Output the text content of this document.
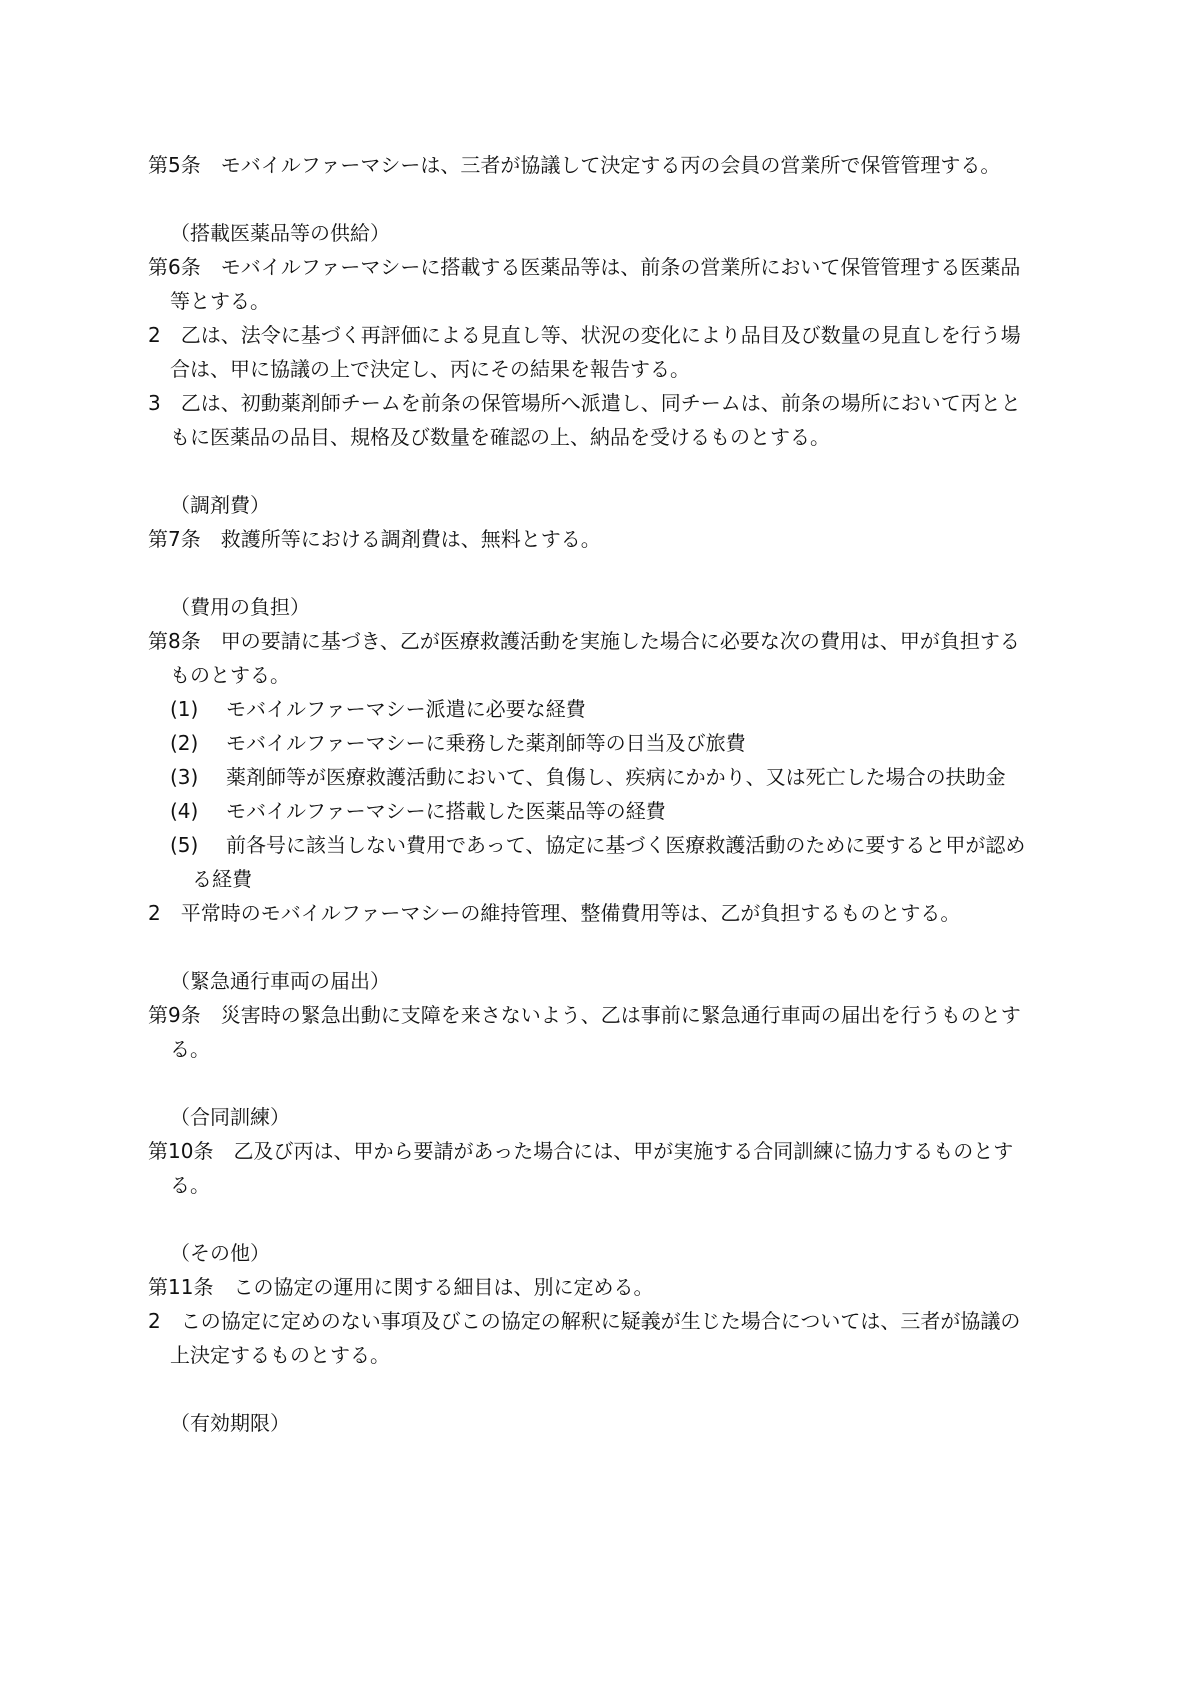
第5条　モバイルファーマシーは、三者が協議して決定する丙の会員の営業所で保管管理する。

（搭載医薬品等の供給）

第6条　モバイルファーマシーに搭載する医薬品等は、前条の営業所において保管管理する医薬品等とする。

2　乙は、法令に基づく再評価による見直し等、状況の変化により品目及び数量の見直しを行う場合は、甲に協議の上で決定し、丙にその結果を報告する。

3　乙は、初動薬剤師チームを前条の保管場所へ派遣し、同チームは、前条の場所において丙とともに医薬品の品目、規格及び数量を確認の上、納品を受けるものとする。

（調剤費）

第7条　救護所等における調剤費は、無料とする。

（費用の負担）

第8条　甲の要請に基づき、乙が医療救護活動を実施した場合に必要な次の費用は、甲が負担するものとする。

(1) モバイルファーマシー派遣に必要な経費

(2) モバイルファーマシーに乗務した薬剤師等の日当及び旅費

(3) 薬剤師等が医療救護活動において、負傷し、疾病にかかり、又は死亡した場合の扶助金

(4) モバイルファーマシーに搭載した医薬品等の経費

(5) 前各号に該当しない費用であって、協定に基づく医療救護活動のために要すると甲が認める経費

2　平常時のモバイルファーマシーの維持管理、整備費用等は、乙が負担するものとする。

（緊急通行車両の届出）

第9条　災害時の緊急出動に支障を来さないよう、乙は事前に緊急通行車両の届出を行うものとする。

（合同訓練）

第10条　乙及び丙は、甲から要請があった場合には、甲が実施する合同訓練に協力するものとする。

（その他）

第11条　この協定の運用に関する細目は、別に定める。

2　この協定に定めのない事項及びこの協定の解釈に疑義が生じた場合については、三者が協議の上決定するものとする。

（有効期限）
